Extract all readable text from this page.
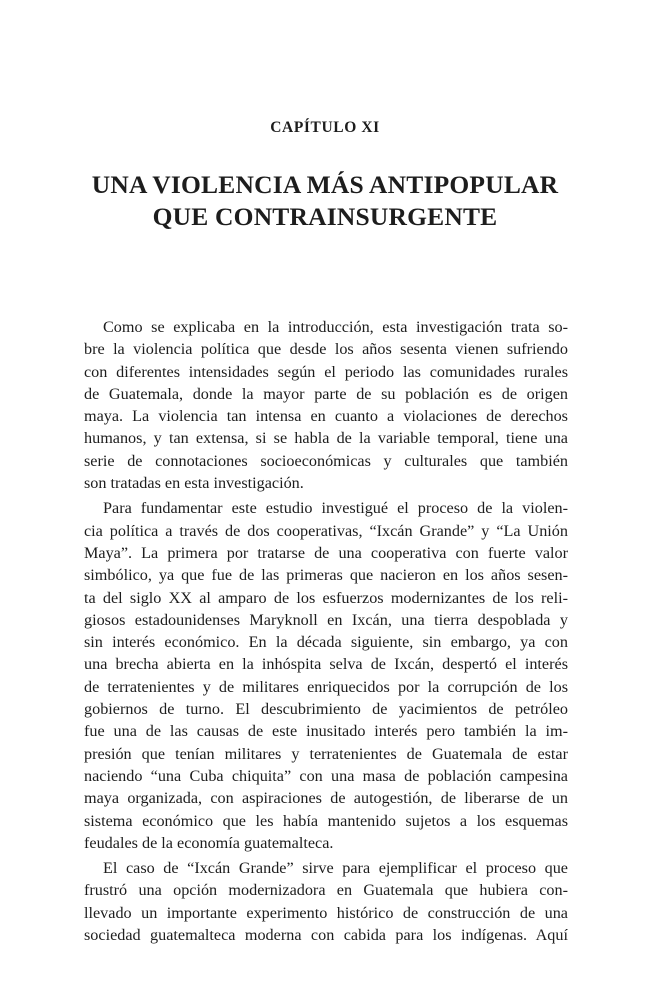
CAPÍTULO XI
UNA VIOLENCIA MÁS ANTIPOPULAR
QUE CONTRAINSURGENTE

Como se explicaba en la introducción, esta investigación trata so-
bre la violencia política que desde los años sesenta vienen sufriendo
con diferentes intensidades según el periodo las comunidades rurales
de Guatemala, donde la mayor parte de su población es de origen
maya. La violencia tan intensa en cuanto a violaciones de derechos
humanos, y tan extensa, si se habla de la variable temporal, tiene una
serie de connotaciones socioeconómicas y culturales que también
son tratadas en esta investigación.

Para fundamentar este estudio investigué el proceso de la violen-
cia política a través de dos cooperativas, “Ixcán Grande” y “La Unión
Maya”. La primera por tratarse de una cooperativa con fuerte valor
simbólico, ya que fue de las primeras que nacieron en los años sesen-
ta del siglo XX al amparo de los esfuerzos modernizantes de los reli-
giosos estadounidenses Maryknoll en Ixcán, una tierra despoblada y
sin interés económico. En la década siguiente, sin embargo, ya con
una brecha abierta en la inhóspita selva de Ixcán, despertó el interés
de terratenientes y de militares enriquecidos por la corrupción de los
gobiernos de turno. El descubrimiento de yacimientos de petróleo
fue una de las causas de este inusitado interés pero también la im-
presión que tenían militares y terratenientes de Guatemala de estar
naciendo “una Cuba chiquita” con una masa de población campesina
maya organizada, con aspiraciones de autogestión, de liberarse de un
sistema económico que les había mantenido sujetos a los esquemas
feudales de la economía guatemalteca.

El caso de “Ixcán Grande” sirve para ejemplificar el proceso que
frustró una opción modernizadora en Guatemala que hubiera con-
llevado un importante experimento histórico de construcción de una
sociedad guatemalteca moderna con cabida para los indígenas. Aquí
